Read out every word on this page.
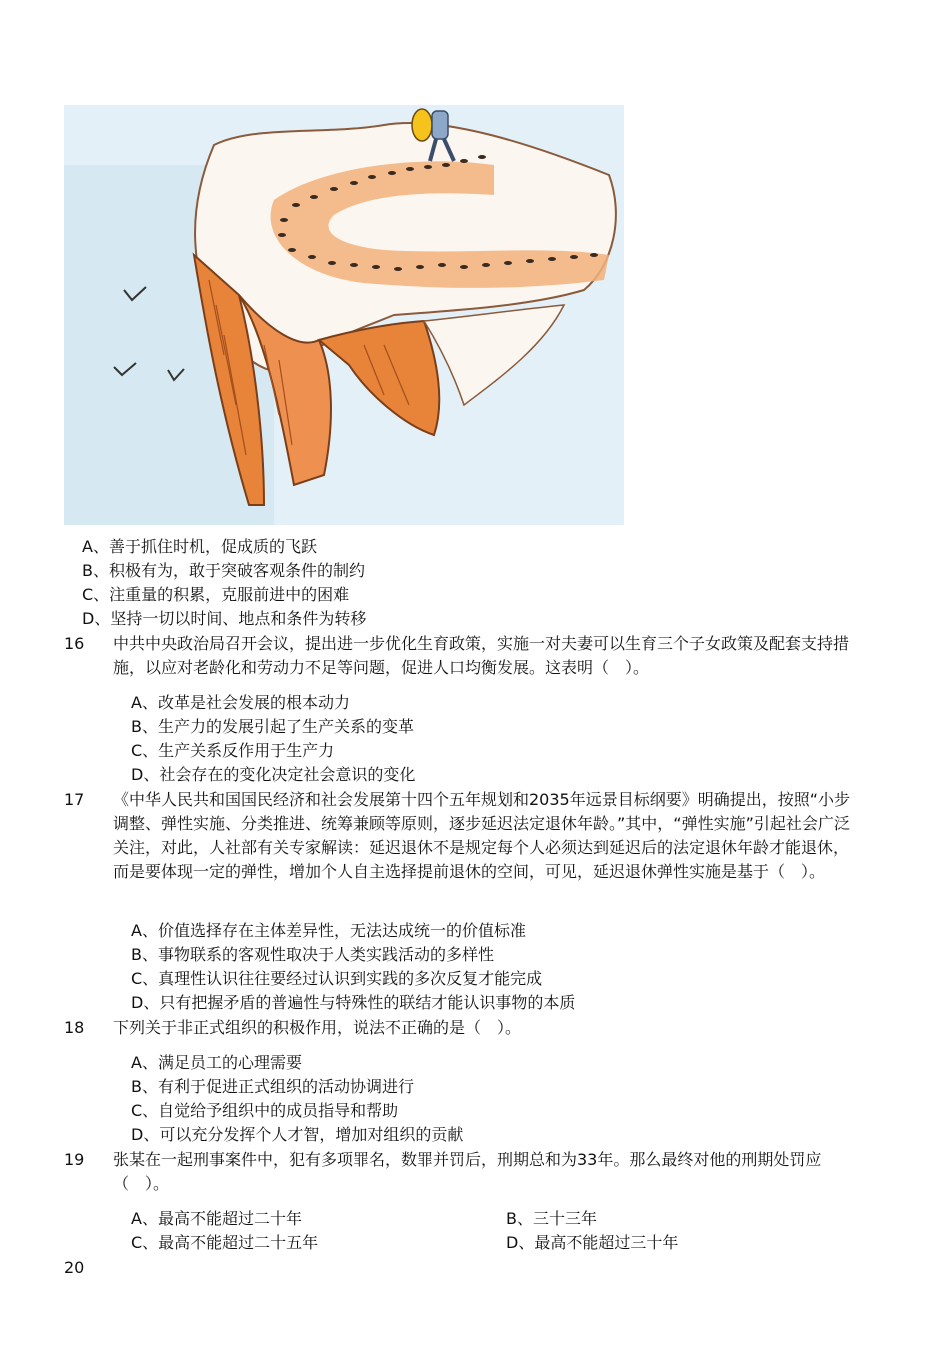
A、善于抓住时机，促成质的飞跃
B、积极有为，敢于突破客观条件的制约
C、注重量的积累，克服前进中的困难
D、坚持一切以时间、地点和条件为转移
16 中共中央政治局召开会议，提出进一步优化生育政策，实施一对夫妻可以生育三个子女政策及配套支持措施，以应对老龄化和劳动力不足等问题，促进人口均衡发展。这表明（　）。
A、改革是社会发展的根本动力
B、生产力的发展引起了生产关系的变革
C、生产关系反作用于生产力
D、社会存在的变化决定社会意识的变化
17 《中华人民共和国国民经济和社会发展第十四个五年规划和2035年远景目标纲要》明确提出，按照“小步调整、弹性实施、分类推进、统筹兼顾等原则，逐步延迟法定退休年龄。”其中，“弹性实施”引起社会广泛关注，对此，人社部有关专家解读：延迟退休不是规定每个人必须达到延迟后的法定退休年龄才能退休，而是要体现一定的弹性，增加个人自主选择提前退休的空间，可见，延迟退休弹性实施是基于（　）。
A、价值选择存在主体差异性，无法达成统一的价值标准
B、事物联系的客观性取决于人类实践活动的多样性
C、真理性认识往往要经过认识到实践的多次反复才能完成
D、只有把握矛盾的普遍性与特殊性的联结才能认识事物的本质
18 下列关于非正式组织的积极作用，说法不正确的是（　）。
A、满足员工的心理需要
B、有利于促进正式组织的活动协调进行
C、自觉给予组织中的成员指导和帮助
D、可以充分发挥个人才智，增加对组织的贡献
19 张某在一起刑事案件中，犯有多项罪名，数罪并罚后，刑期总和为33年。那么最终对他的刑期处罚应（　）。
A、最高不能超过二十年	B、三十三年
C、最高不能超过二十五年	D、最高不能超过三十年
20
